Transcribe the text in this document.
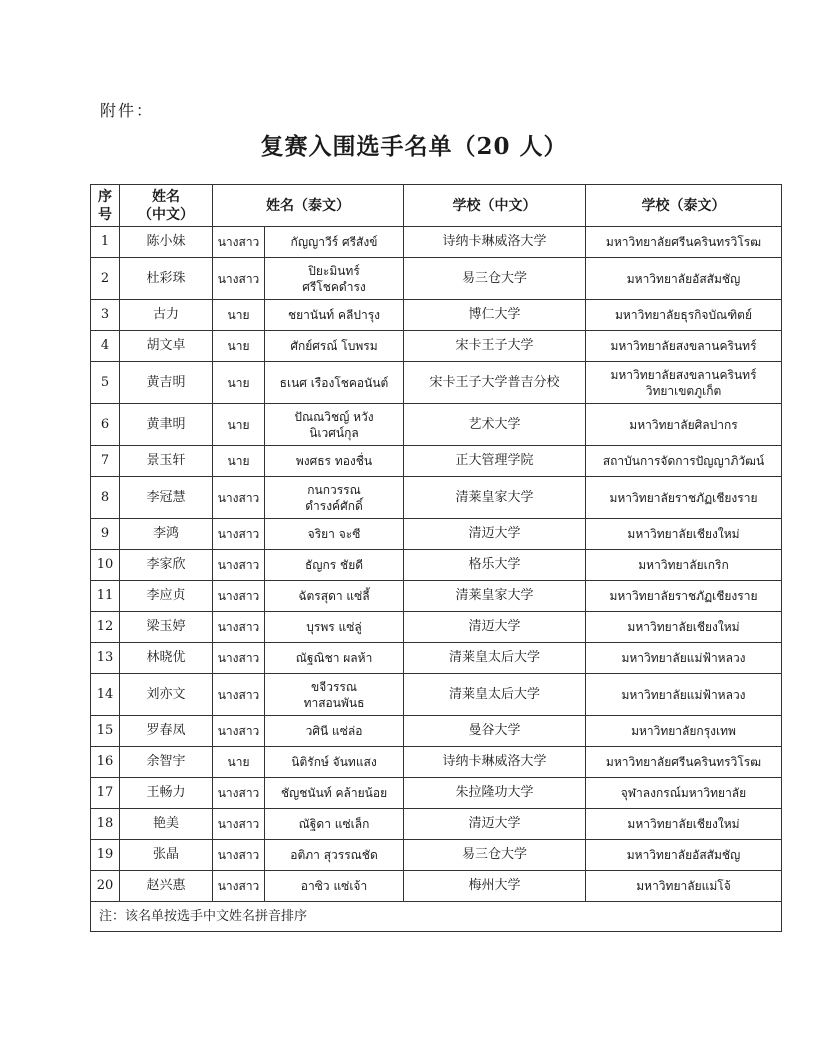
附件：
复赛入围选手名单（20 人）
序
号	姓名
（中文）	姓名（泰文）		学校（中文）	学校（泰文）

1	陈小妹	นางสาว	กัญญาวีร์ ศรีสังข์	诗纳卡琳威洛大学	มหาวิทยาลัยศรีนครินทรวิโรฒ

2	杜彩珠	นางสาว	ปิยะมินทร์
ศรีโชคดำรง	易三仓大学	มหาวิทยาลัยอัสสัมชัญ

3	古力	นาย	ชยานันท์ คลีปารุง	博仁大学	มหาวิทยาลัยธุรกิจบัณฑิตย์

4	胡文卓	นาย	ศักย์ศรณ์ โบพรม	宋卡王子大学	มหาวิทยาลัยสงขลานครินทร์

5	黄吉明	นาย	ธเนศ เรืองโชคอนันต์	宋卡王子大学普吉分校	มหาวิทยาลัยสงขลานครินทร์
วิทยาเขตภูเก็ต

6	黄聿明	นาย	ปัณณวิชญ์ หวัง
นิเวศน์กุล	艺术大学	มหาวิทยาลัยศิลปากร

7	景玉轩	นาย	พงศธร ทองชื่น	正大管理学院	สถาบันการจัดการปัญญาภิวัฒน์

8	李冠慧	นางสาว	กนกวรรณ
ดำรงค์ศักดิ์	清莱皇家大学	มหาวิทยาลัยราชภัฏเชียงราย

9	李鸿	นางสาว	จริยา จะซี	清迈大学	มหาวิทยาลัยเชียงใหม่

10	李家欣	นางสาว	ธัญกร ชัยดี	格乐大学	มหาวิทยาลัยเกริก

11	李应贞	นางสาว	ฉัตรสุดา แซ่ลี้	清莱皇家大学	มหาวิทยาลัยราชภัฏเชียงราย

12	梁玉婷	นางสาว	บุรพร แซ่ลู่	清迈大学	มหาวิทยาลัยเชียงใหม่

13	林晓优	นางสาว	ณัฐณิชา ผลห้า	清莱皇太后大学	มหาวิทยาลัยแม่ฟ้าหลวง

14	刘亦文	นางสาว	ขจีวรรณ
ทาสอนพันธ	清莱皇太后大学	มหาวิทยาลัยแม่ฟ้าหลวง

15	罗春凤	นางสาว	วศินี แซ่ล่อ	曼谷大学	มหาวิทยาลัยกรุงเทพ

16	余智宇	นาย	นิติรักษ์ จันทแสง	诗纳卡琳威洛大学	มหาวิทยาลัยศรีนครินทรวิโรฒ

17	王畅力	นางสาว	ชัญชนันท์ คล้ายน้อย	朱拉隆功大学	จุฬาลงกรณ์มหาวิทยาลัย

18	艳美	นางสาว	ณัฐิดา แซ่เล็ก	清迈大学	มหาวิทยาลัยเชียงใหม่

19	张晶	นางสาว	อติภา สุวรรณชัด	易三仓大学	มหาวิทยาลัยอัสสัมชัญ

20	赵兴惠	นางสาว	อาซิว แซ่เจ้า	梅州大学	มหาวิทยาลัยแม่โจ้

注：该名单按选手中文姓名拼音排序					
